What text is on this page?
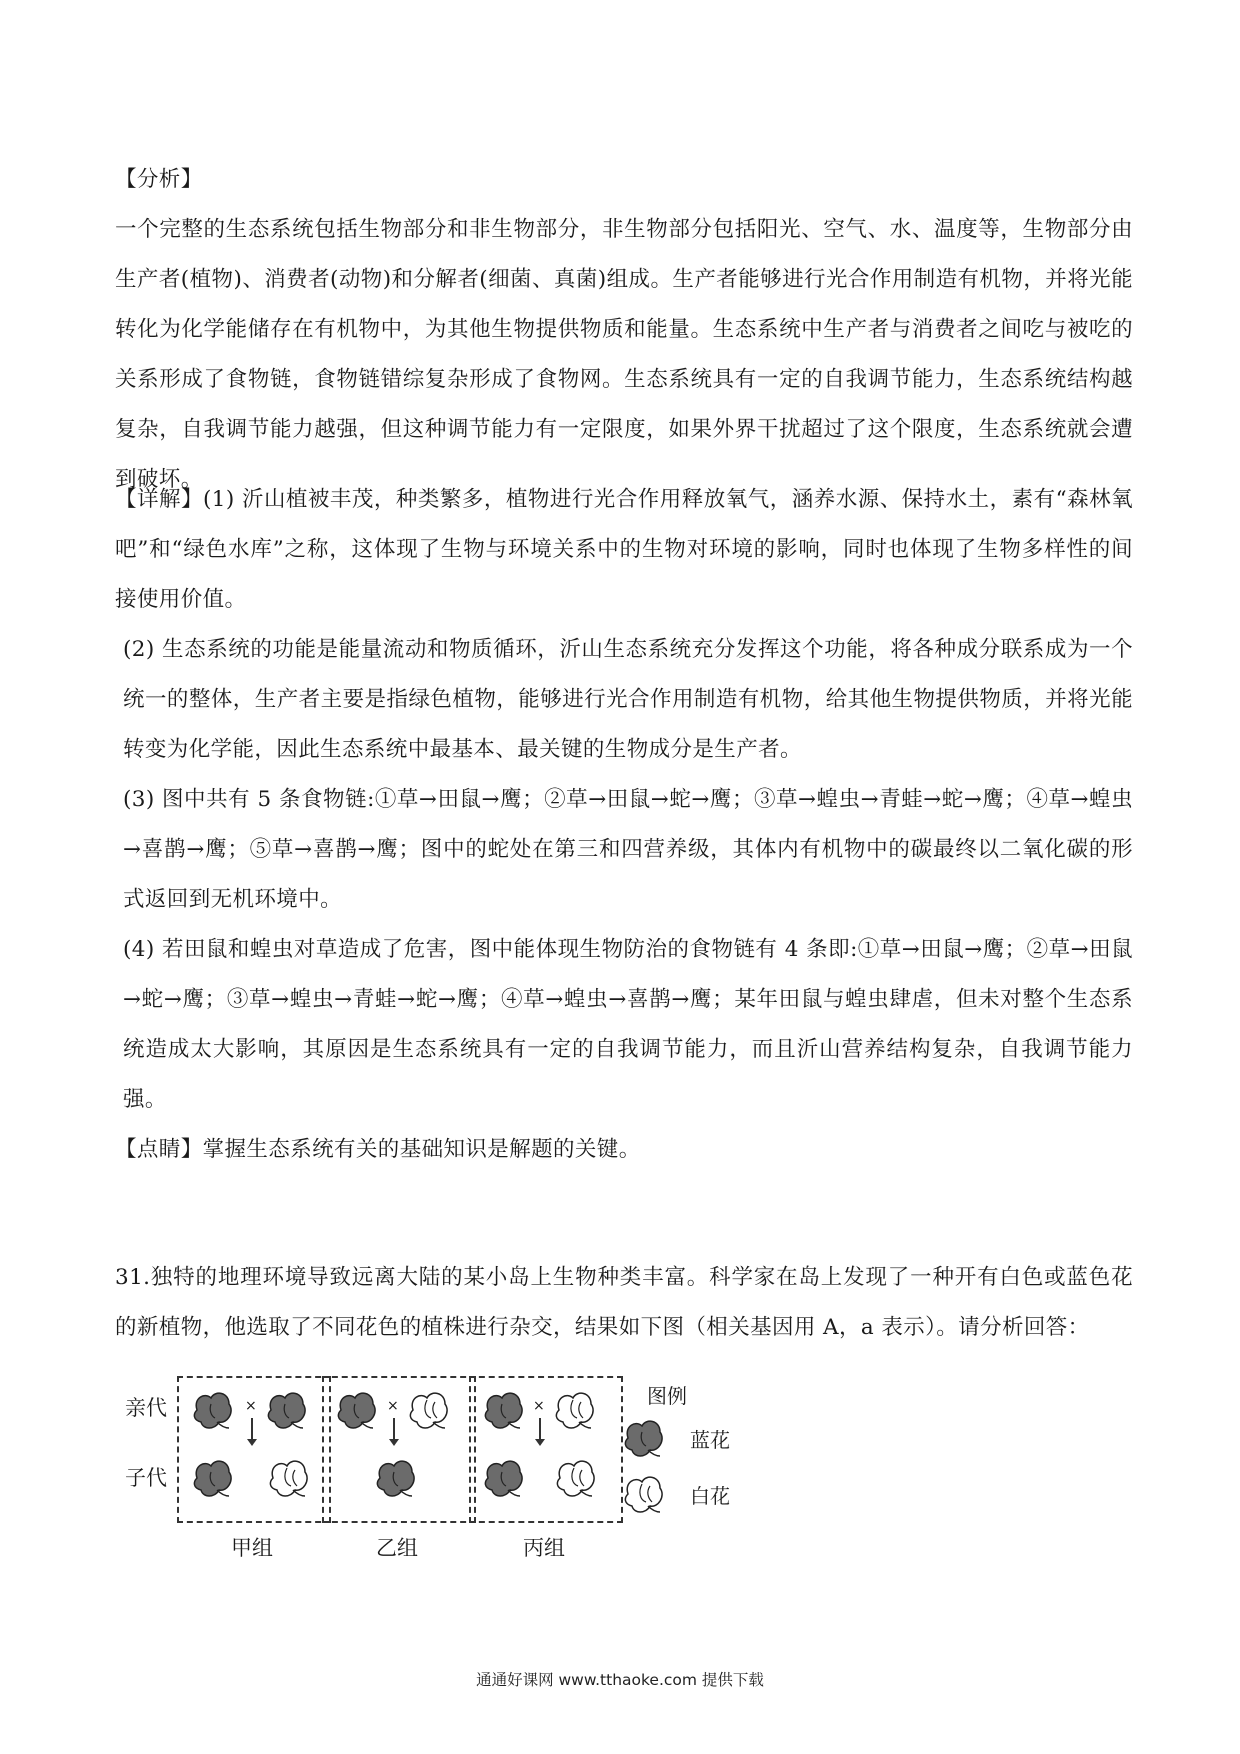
【分析】

一个完整的生态系统包括生物部分和非生物部分，非生物部分包括阳光、空气、水、温度等，生物部分由生产者(植物)、消费者(动物)和分解者(细菌、真菌)组成。生产者能够进行光合作用制造有机物，并将光能转化为化学能储存在有机物中，为其他生物提供物质和能量。生态系统中生产者与消费者之间吃与被吃的关系形成了食物链，食物链错综复杂形成了食物网。生态系统具有一定的自我调节能力，生态系统结构越复杂，自我调节能力越强，但这种调节能力有一定限度，如果外界干扰超过了这个限度，生态系统就会遭到破坏。

【详解】(1) 沂山植被丰茂，种类繁多，植物进行光合作用释放氧气，涵养水源、保持水土，素有“森林氧吧”和“绿色水库”之称，这体现了生物与环境关系中的生物对环境的影响，同时也体现了生物多样性的间接使用价值。

(2) 生态系统的功能是能量流动和物质循环，沂山生态系统充分发挥这个功能，将各种成分联系成为一个统一的整体，生产者主要是指绿色植物，能够进行光合作用制造有机物，给其他生物提供物质，并将光能转变为化学能，因此生态系统中最基本、最关键的生物成分是生产者。

(3) 图中共有 5 条食物链:①草→田鼠→鹰；②草→田鼠→蛇→鹰；③草→蝗虫→青蛙→蛇→鹰；④草→蝗虫→喜鹊→鹰；⑤草→喜鹊→鹰；图中的蛇处在第三和四营养级，其体内有机物中的碳最终以二氧化碳的形式返回到无机环境中。

(4) 若田鼠和蝗虫对草造成了危害，图中能体现生物防治的食物链有 4 条即:①草→田鼠→鹰；②草→田鼠→蛇→鹰；③草→蝗虫→青蛙→蛇→鹰；④草→蝗虫→喜鹊→鹰；某年田鼠与蝗虫肆虐，但未对整个生态系统造成太大影响，其原因是生态系统具有一定的自我调节能力，而且沂山营养结构复杂，自我调节能力强。

【点睛】掌握生态系统有关的基础知识是解题的关键。

31.独特的地理环境导致远离大陆的某小岛上生物种类丰富。科学家在岛上发现了一种开有白色或蓝色花的新植物，他选取了不同花色的植株进行杂交，结果如下图（相关基因用 A，a 表示）。请分析回答：

亲代
子代
×
甲组
×
乙组
×
丙组
图例
蓝花
白花
通通好课网 www.tthaoke.com 提供下载
